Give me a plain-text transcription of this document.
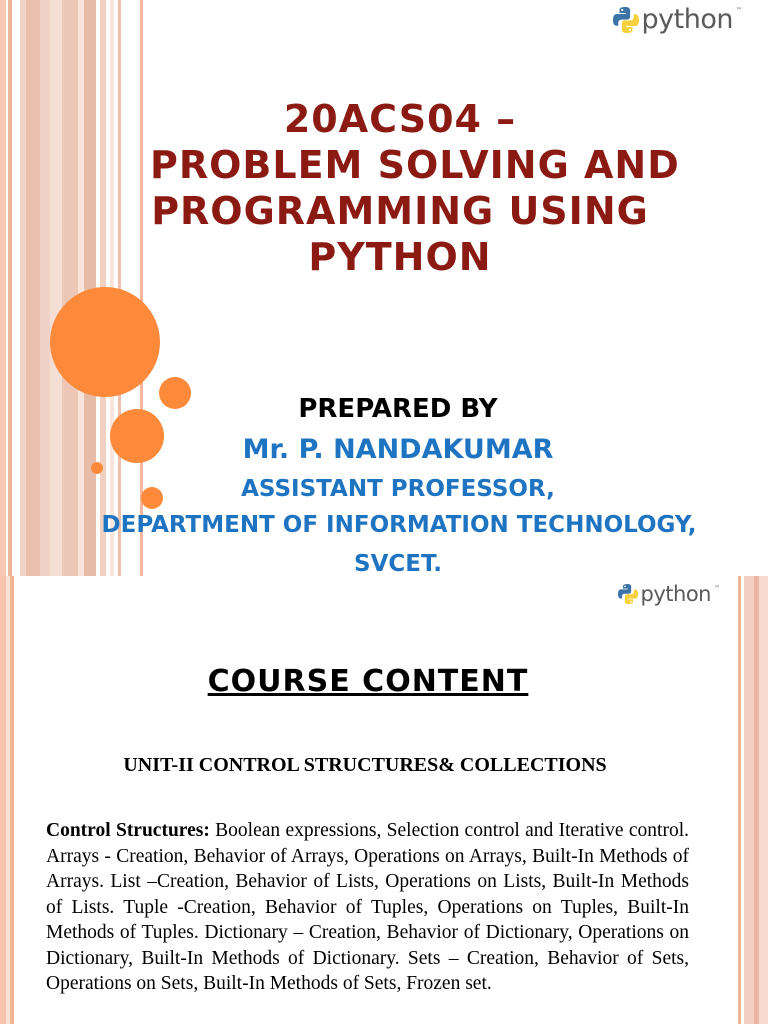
python ™
20ACS04 –
PROBLEM SOLVING AND
PROGRAMMING USING
PYTHON
PREPARED BY
Mr. P. NANDAKUMAR
ASSISTANT PROFESSOR,
DEPARTMENT OF INFORMATION TECHNOLOGY,
SVCET.
python ™
COURSE CONTENT
UNIT-II CONTROL STRUCTURES& COLLECTIONS
Control Structures: Boolean expressions, Selection control and Iterative control. Arrays - Creation, Behavior of Arrays, Operations on Arrays, Built-In Methods of Arrays. List –Creation, Behavior of Lists, Operations on Lists, Built-In Methods of Lists. Tuple -Creation, Behavior of Tuples, Operations on Tuples, Built-In Methods of Tuples. Dictionary – Creation, Behavior of Dictionary, Operations on Dictionary, Built-In Methods of Dictionary. Sets – Creation, Behavior of Sets, Operations on Sets, Built-In Methods of Sets, Frozen set.
